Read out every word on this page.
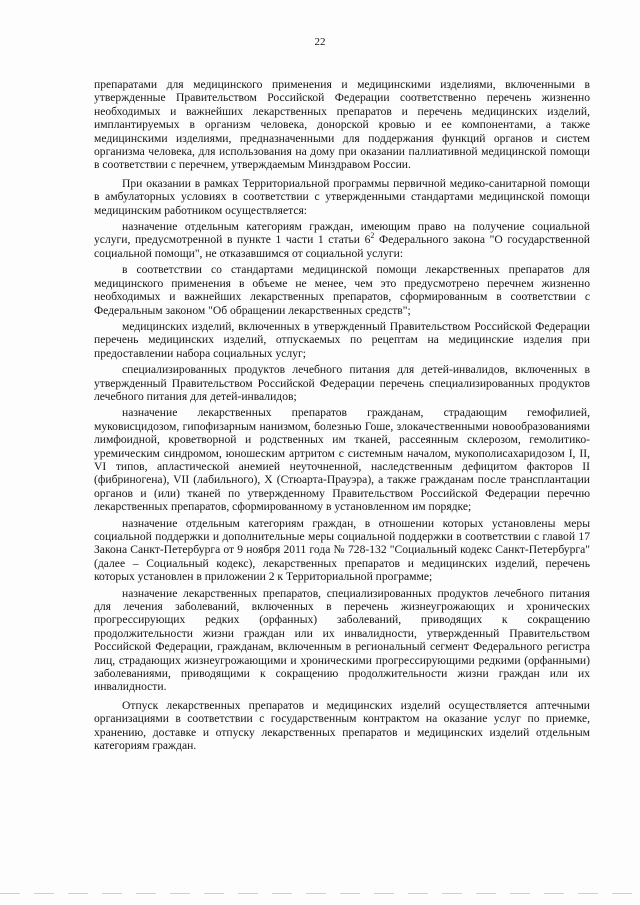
22

препаратами для медицинского применения и медицинскими изделиями, включенными в утвержденные Правительством Российской Федерации соответственно перечень жизненно необходимых и важнейших лекарственных препаратов и перечень медицинских изделий, имплантируемых в организм человека, донорской кровью и ее компонентами, а также медицинскими изделиями, предназначенными для поддержания функций органов и систем организма человека, для использования на дому при оказании паллиативной медицинской помощи в соответствии с перечнем, утверждаемым Минздравом России.

При оказании в рамках Территориальной программы первичной медико-санитарной помощи в амбулаторных условиях в соответствии с утвержденными стандартами медицинской помощи медицинским работником осуществляется:

назначение отдельным категориям граждан, имеющим право на получение социальной услуги, предусмотренной в пункте 1 части 1 статьи $6^2$ Федерального закона "О государственной социальной помощи", не отказавшимся от социальной услуги:

в соответствии со стандартами медицинской помощи лекарственных препаратов для медицинского применения в объеме не менее, чем это предусмотрено перечнем жизненно необходимых и важнейших лекарственных препаратов, сформированным в соответствии с Федеральным законом "Об обращении лекарственных средств";

медицинских изделий, включенных в утвержденный Правительством Российской Федерации перечень медицинских изделий, отпускаемых по рецептам на медицинские изделия при предоставлении набора социальных услуг;

специализированных продуктов лечебного питания для детей-инвалидов, включенных в утвержденный Правительством Российской Федерации перечень специализированных продуктов лечебного питания для детей-инвалидов;

назначение лекарственных препаратов гражданам, страдающим гемофилией, муковисцидозом, гипофизарным нанизмом, болезнью Гоше, злокачественными новообразованиями лимфоидной, кроветворной и родственных им тканей, рассеянным склерозом, гемолитико-уремическим синдромом, юношеским артритом с системным началом, мукополисахаридозом I, II, VI типов, апластической анемией неуточненной, наследственным дефицитом факторов II (фибриногена), VII (лабильного), X (Стюарта-Прауэра), а также гражданам после трансплантации органов и (или) тканей по утвержденному Правительством Российской Федерации перечню лекарственных препаратов, сформированному в установленном им порядке;

назначение отдельным категориям граждан, в отношении которых установлены меры социальной поддержки и дополнительные меры социальной поддержки в соответствии с главой 17 Закона Санкт-Петербурга от 9 ноября 2011 года № 728-132 "Социальный кодекс Санкт-Петербурга" (далее – Социальный кодекс), лекарственных препаратов и медицинских изделий, перечень которых установлен в приложении 2 к Территориальной программе;

назначение лекарственных препаратов, специализированных продуктов лечебного питания для лечения заболеваний, включенных в перечень жизнеугрожающих и хронических прогрессирующих редких (орфанных) заболеваний, приводящих к сокращению продолжительности жизни граждан или их инвалидности, утвержденный Правительством Российской Федерации, гражданам, включенным в региональный сегмент Федерального регистра лиц, страдающих жизнеугрожающими и хроническими прогрессирующими редкими (орфанными) заболеваниями, приводящими к сокращению продолжительности жизни граждан или их инвалидности.

Отпуск лекарственных препаратов и медицинских изделий осуществляется аптечными организациями в соответствии с государственным контрактом на оказание услуг по приемке, хранению, доставке и отпуску лекарственных препаратов и медицинских изделий отдельным категориям граждан.
